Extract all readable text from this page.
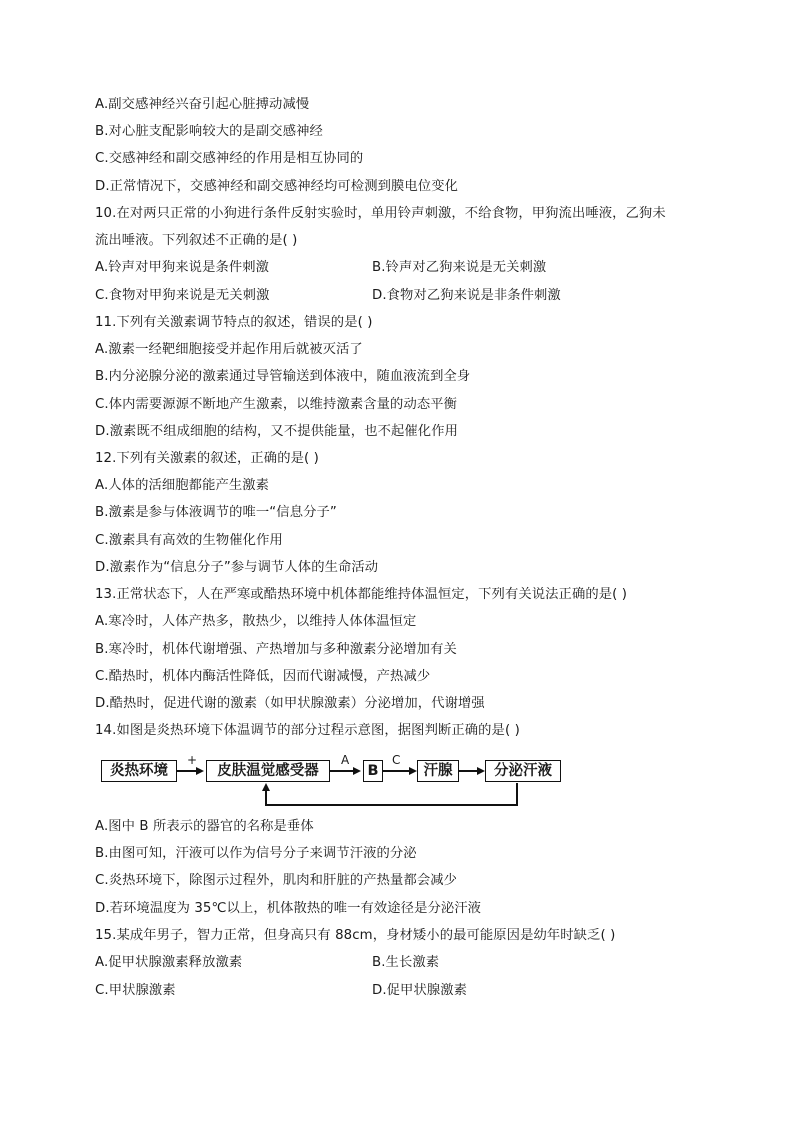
A.副交感神经兴奋引起心脏搏动减慢
B.对心脏支配影响较大的是副交感神经
C.交感神经和副交感神经的作用是相互协同的
D.正常情况下，交感神经和副交感神经均可检测到膜电位变化
10.在对两只正常的小狗进行条件反射实验时，单用铃声刺激，不给食物，甲狗流出唾液，乙狗未
流出唾液。下列叙述不正确的是( )
A.铃声对甲狗来说是条件刺激	B.铃声对乙狗来说是无关刺激
C.食物对甲狗来说是无关刺激	D.食物对乙狗来说是非条件刺激
11.下列有关激素调节特点的叙述，错误的是( )
A.激素一经靶细胞接受并起作用后就被灭活了
B.内分泌腺分泌的激素通过导管输送到体液中，随血液流到全身
C.体内需要源源不断地产生激素，以维持激素含量的动态平衡
D.激素既不组成细胞的结构，又不提供能量，也不起催化作用
12.下列有关激素的叙述，正确的是( )
A.人体的活细胞都能产生激素
B.激素是参与体液调节的唯一“信息分子”
C.激素具有高效的生物催化作用
D.激素作为“信息分子”参与调节人体的生命活动
13.正常状态下，人在严寒或酷热环境中机体都能维持体温恒定，下列有关说法正确的是( )
A.寒冷时，人体产热多，散热少，以维持人体体温恒定
B.寒冷时，机体代谢增强、产热增加与多种激素分泌增加有关
C.酷热时，机体内酶活性降低，因而代谢减慢，产热减少
D.酷热时，促进代谢的激素（如甲状腺激素）分泌增加，代谢增强
14.如图是炎热环境下体温调节的部分过程示意图，据图判断正确的是( )
炎热环境
+
皮肤温觉感受器
A
B
C
汗腺	分泌汗液
A.图中 B 所表示的器官的名称是垂体
B.由图可知，汗液可以作为信号分子来调节汗液的分泌
C.炎热环境下，除图示过程外，肌肉和肝脏的产热量都会减少
D.若环境温度为 35℃以上，机体散热的唯一有效途径是分泌汗液
15.某成年男子，智力正常，但身高只有 88cm，身材矮小的最可能原因是幼年时缺乏( )
A.促甲状腺激素释放激素	B.生长激素
C.甲状腺激素	D.促甲状腺激素
